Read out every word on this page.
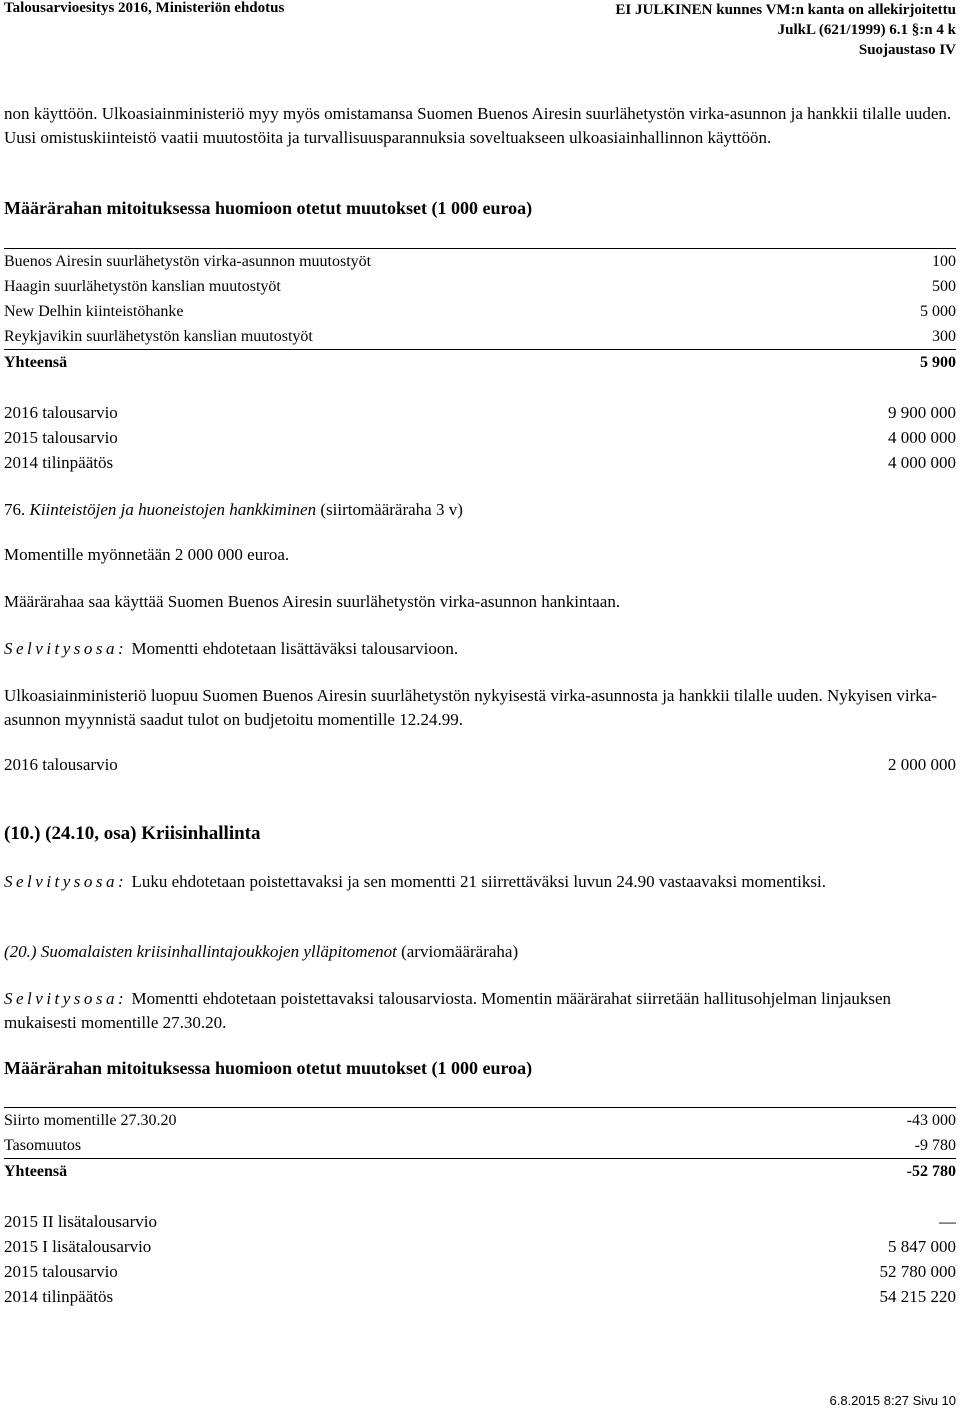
Talousarvioesitys 2016, Ministeriön ehdotus	EI JULKINEN kunnes VM:n kanta on allekirjoitettu
JulkL (621/1999) 6.1 §:n 4 k
Suojaustaso IV
non käyttöön. Ulkoasiainministeriö myy myös omistamansa Suomen Buenos Airesin suurlähetystön virka-asunnon ja hankkii tilalle uuden. Uusi omistuskiinteistö vaatii muutostöita ja turvallisuusparannuksia soveltuakseen ulkoasiainhallinnon käyttöön.
Määrärahan mitoituksessa huomioon otetut muutokset (1 000 euroa)
Buenos Airesin suurlähetystön virka-asunnon muutostyöt	100
Haagin suurlähetystön kanslian muutostyöt	500
New Delhin kiinteistöhanke	5 000
Reykjavikin suurlähetystön kanslian muutostyöt	300
Yhteensä	5 900
2016 talousarvio	9 900 000
2015 talousarvio	4 000 000
2014 tilinpäätös	4 000 000
76. Kiinteistöjen ja huoneistojen hankkiminen (siirtomääräraha 3 v)
Momentille myönnetään 2 000 000 euroa.
Määrärahaa saa käyttää Suomen Buenos Airesin suurlähetystön virka-asunnon hankintaan.
Selvitysosa: Momentti ehdotetaan lisättäväksi talousarvioon.
Ulkoasiainministeriö luopuu Suomen Buenos Airesin suurlähetystön nykyisestä virka-asunnosta ja hankkii tilalle uuden. Nykyisen virka-asunnon myynnistä saadut tulot on budjetoitu momentille 12.24.99.
2016 talousarvio	2 000 000
(10.) (24.10, osa) Kriisinhallinta
Selvitysosa: Luku ehdotetaan poistettavaksi ja sen momentti 21 siirrettäväksi luvun 24.90 vastaavaksi momentiksi.
(20.) Suomalaisten kriisinhallintajoukkojen ylläpitomenot (arviomääräraha)
Selvitysosa: Momentti ehdotetaan poistettavaksi talousarviosta. Momentin määrärahat siirretään hallitusohjelman linjauksen mukaisesti momentille 27.30.20.
Määrärahan mitoituksessa huomioon otetut muutokset (1 000 euroa)
Siirto momentille 27.30.20	-43 000
Tasomuutos	-9 780
Yhteensä	-52 780
2015 II lisätalousarvio	—
2015 I lisätalousarvio	5 847 000
2015 talousarvio	52 780 000
2014 tilinpäätös	54 215 220
6.8.2015 8:27 Sivu 10
